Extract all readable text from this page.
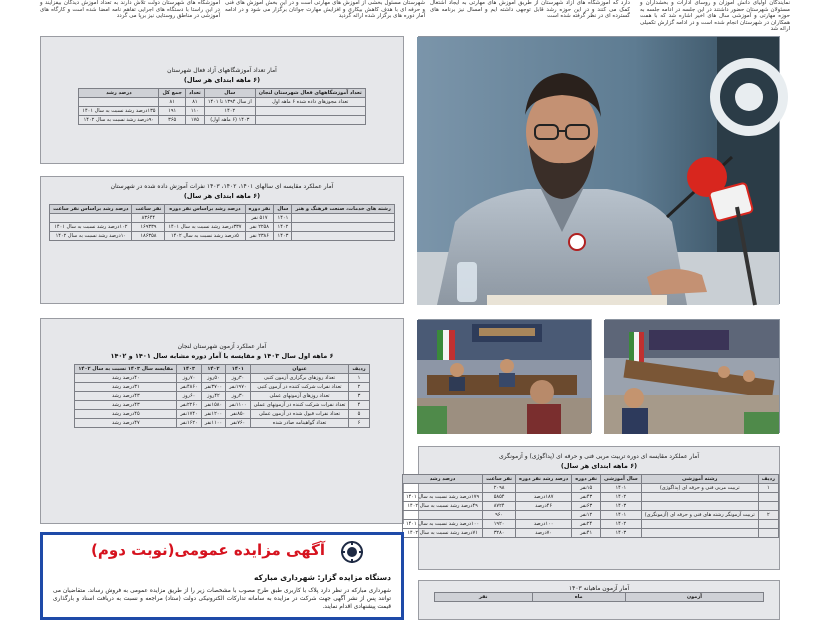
نمایندگان اولیای دانش آموزان و روسای ادارات و بخشداران و مسئولان شهرستان حضور داشتند در این جلسه در ادامه جلسه به حوزه مهارتی و آموزشی سال های اخیر اشاره شد که با همت همکاران در شهرستان انجام شده است و در ادامه گزارش تکمیلی ارائه شد
دارد که آموزشگاه های آزاد شهرستان از طریق آموزش های مهارتی به ایجاد اشتغال کمک می کنند و در این حوزه رشد قابل توجهی داشته ایم و امسال نیز برنامه های گسترده ای در نظر گرفته شده است
شهرستان مسئول بخشی از آموزش های مهارتی است و در این بخش آموزش های فنی و حرفه ای با هدف کاهش بیکاری و افزایش مهارت جوانان برگزار می شود و در ادامه آمار دوره های برگزار شده ارائه گردید
آموزشگاه های شهرستان دولت تلاش دارند به تعداد آموزش دیدگان بیفزایند و در این راستا با دستگاه های اجرایی تفاهم نامه امضا شده است و کارگاه های آموزشی در مناطق روستایی نیز برپا می گردد
آمار تعداد آموزشگاههای آزاد فعال شهرستان
(۶ ماهه ابتدای هر سال)
تعداد آموزشگاههای فعال شهرستان لنجان	سال	تعداد	جمع کل	درصد رشد
تعداد مجوزهای داده شده ۶ ماهه اول	از سال ۱۳۹۴ تا ۱۴۰۱	۸۱	۸۱	
	۱۴۰۲	۱۱۰	۱۹۱	۱۳۵درصد رشد نسبت به سال ۱۴۰۱
	۱۴۰۳ (۶ ماهه اول)	۱۷۵	۳۶۵	۹۰درصد رشد نسبت به سال ۱۴۰۲
آمار عملکرد مقایسه ای سالهای ۱۴۰۱، ۱۴۰۲، ۱۴۰۳ نفرات آموزش داده شده در شهرستان
(۶ ماهه ابتدای هر سال)
رشته های خدمات، صنعت فرهنگ و هنر	سال	نفر دوره	درصد رشد براساس نفر دوره	نفر ساعت	درصد رشد براساس نفر ساعت
	۱۴۰۱	۵۱۷ نفر		۸۳۶۴۴	
	۱۴۰۲	۲۲۵۸ نفر	۳۳۷درصد رشد نسبت به سال ۱۴۰۱	۱۶۹۳۳۹	۱۰۲درصد رشد نسبت به سال ۱۴۰۱
	۱۴۰۳	۲۳۸۶ نفر	۵درصد رشد نسبت به سال ۱۴۰۲	۱۸۶۳۵۸	۱۰درصد رشد نسبت به سال ۱۴۰۲
آمار عملکرد آزمون شهرستان لنجان
۶ ماهه اول سال ۱۴۰۳ و مقایسه با آمار دوره مشابه سال ۱۴۰۱ و ۱۴۰۲
ردیف	عنوان	۱۴۰۱	۱۴۰۲	۱۴۰۳	مقایسه سال ۱۴۰۳ نسبت به سال ۱۴۰۲
۱	تعداد روزهای برگزاری آزمون کتبی	۳۰روز	۵۰روز	۷۰روز	۴۰درصد رشد
۲	تعداد نفرات شرکت کننده در آزمون کتبی	۱۹۷۰نفر	۳۷۰۰نفر	۴۸۶۰نفر	۳۱درصد رشد
۳	تعداد روزهای آزمونهای عملی	۳۰روز	۴۲روز	۶۰روز	۴۳درصد رشد
۴	تعداد نفرات شرکت کننده در آزمونهای عملی	۱۱۰۰نفر	۱۵۸۰نفر	۲۲۶۰نفر	۴۳درصد رشد
۵	تعداد نفرات قبول شده در آزمون عملی	۸۵۰نفر	۱۲۰۰نفر	۱۷۴۰نفر	۴۵درصد رشد
۶	تعداد گواهینامه صادر شده	۷۶۰نفر	۱۱۰۰نفر	۱۶۲۰نفر	۴۷درصد رشد
آمار عملکرد مقایسه ای دوره تربیت مربی فنی و حرفه ای (پداگوژی) و آزمونگری
(۶ ماهه ابتدای هر سال)
ردیف	رشته آموزشی	سال آموزشی	نفر دوره	درصد رشد نفر دوره	نفر ساعت	درصد رشد
۱	تربیت مربی فنی و حرفه ای (پداگوژی)	۱۴۰۱	۱۵نفر		۲۰۹۸	
		۱۴۰۲	۴۳نفر	۱۸۷درصد	۵۸۵۴	۱۷۹درصد رشد نسبت به سال ۱۴۰۱
		۱۴۰۳	۶۳نفر	۴۶درصد	۸۷۲۴	۴۹درصد رشد نسبت به سال ۱۴۰۲
۲	تربیت آزمونگر رشته های فنی و حرفه ای (آزمونگری)	۱۴۰۱	۱۲نفر		۹۶۰	
		۱۴۰۲	۲۴نفر	۱۰۰درصد	۱۹۲۰	۱۰۰درصد رشد نسبت به سال ۱۴۰۱
		۱۴۰۳	۴۱نفر	۷۰درصد	۳۲۸۰	۷۱درصد رشد نسبت به سال ۱۴۰۲
آمار آزمون ماهیانه ۱۴۰۳
آزمون	ماه	نفر
آگهی مزایده عمومی(نوبت دوم)
دستگاه مزایده گزار: شهرداری مبارکه
شهرداری مبارکه در نظر دارد پلاک با کاربری طبق طرح مصوب با مشخصات زیر را از طریق مزایده عمومی به فروش رساند. متقاضیان می توانند پس از نشر آگهی جهت شرکت در مزایده به سامانه تدارکات الکترونیکی دولت (ستاد) مراجعه و نسبت به دریافت اسناد و بارگذاری قیمت پیشنهادی اقدام نمایند.
